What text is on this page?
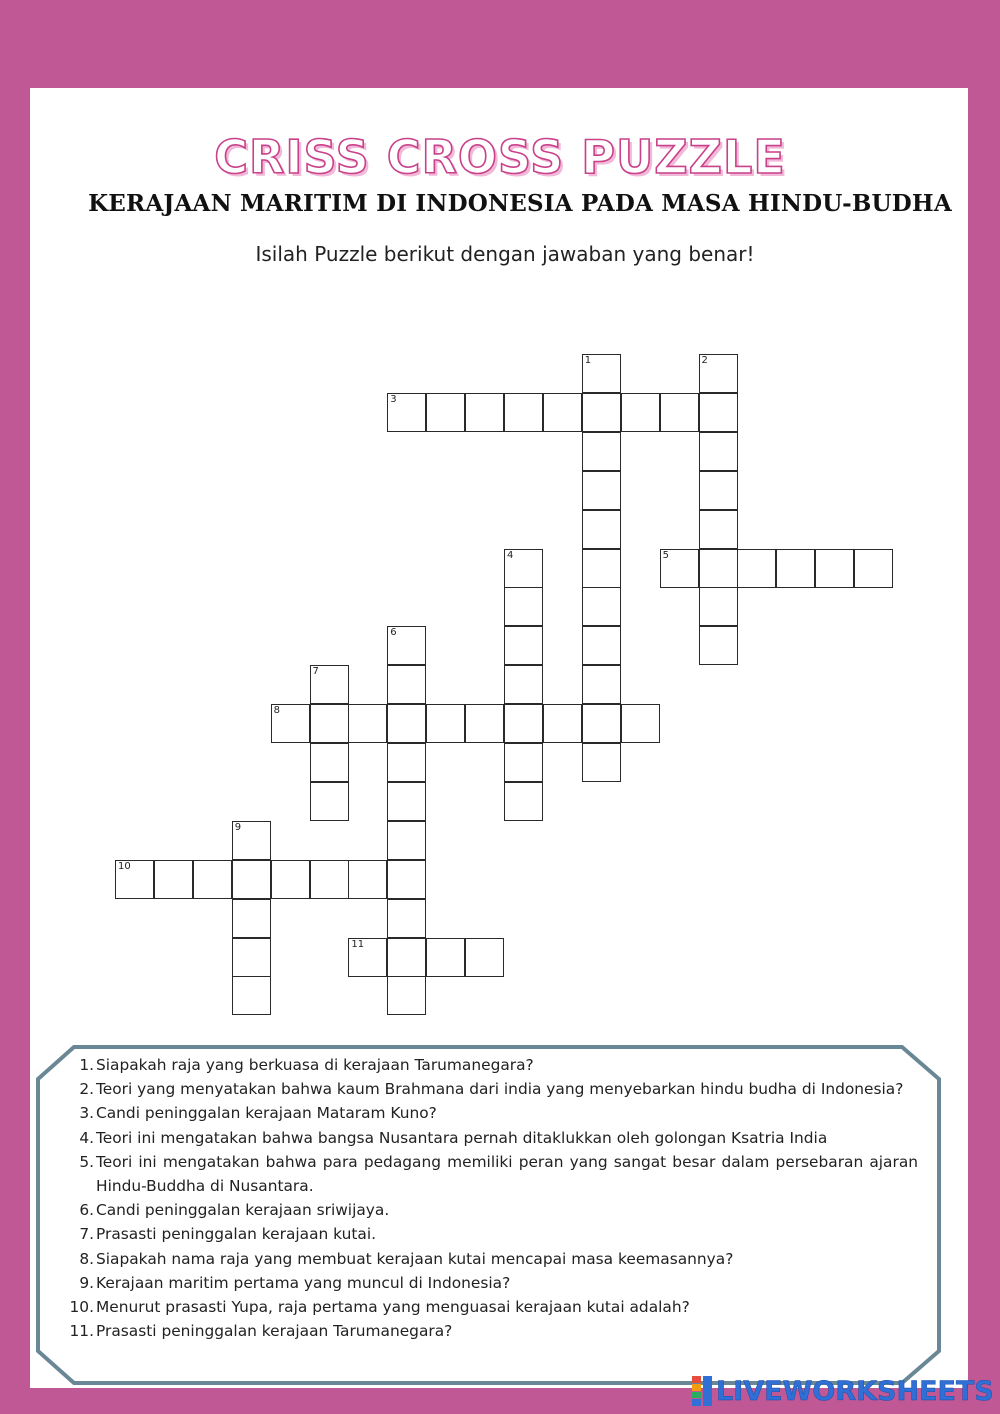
CRISS CROSS PUZZLE
KERAJAAN MARITIM DI INDONESIA PADA MASA HINDU-BUDHA

Isilah Puzzle berikut dengan jawaban yang benar!

1	2
3
4	5
6
7
8
9
10
11
1. Siapakah raja yang berkuasa di kerajaan Tarumanegara?
2. Teori yang menyatakan bahwa kaum Brahmana dari india yang menyebarkan hindu budha di Indonesia?
3. Candi peninggalan kerajaan Mataram Kuno?
4. Teori ini mengatakan bahwa bangsa Nusantara pernah ditaklukkan oleh golongan Ksatria India
5. Teori ini mengatakan bahwa para pedagang memiliki peran yang sangat besar dalam persebaran ajaran Hindu-Buddha di Nusantara.
6. Candi peninggalan kerajaan sriwijaya.
7. Prasasti peninggalan kerajaan kutai.
8. Siapakah nama raja yang membuat kerajaan kutai mencapai masa keemasannya?
9. Kerajaan maritim pertama yang muncul di Indonesia?
10. Menurut prasasti Yupa, raja pertama yang menguasai kerajaan kutai adalah?
11. Prasasti peninggalan kerajaan Tarumanegara?
LIVEWORKSHEETS
